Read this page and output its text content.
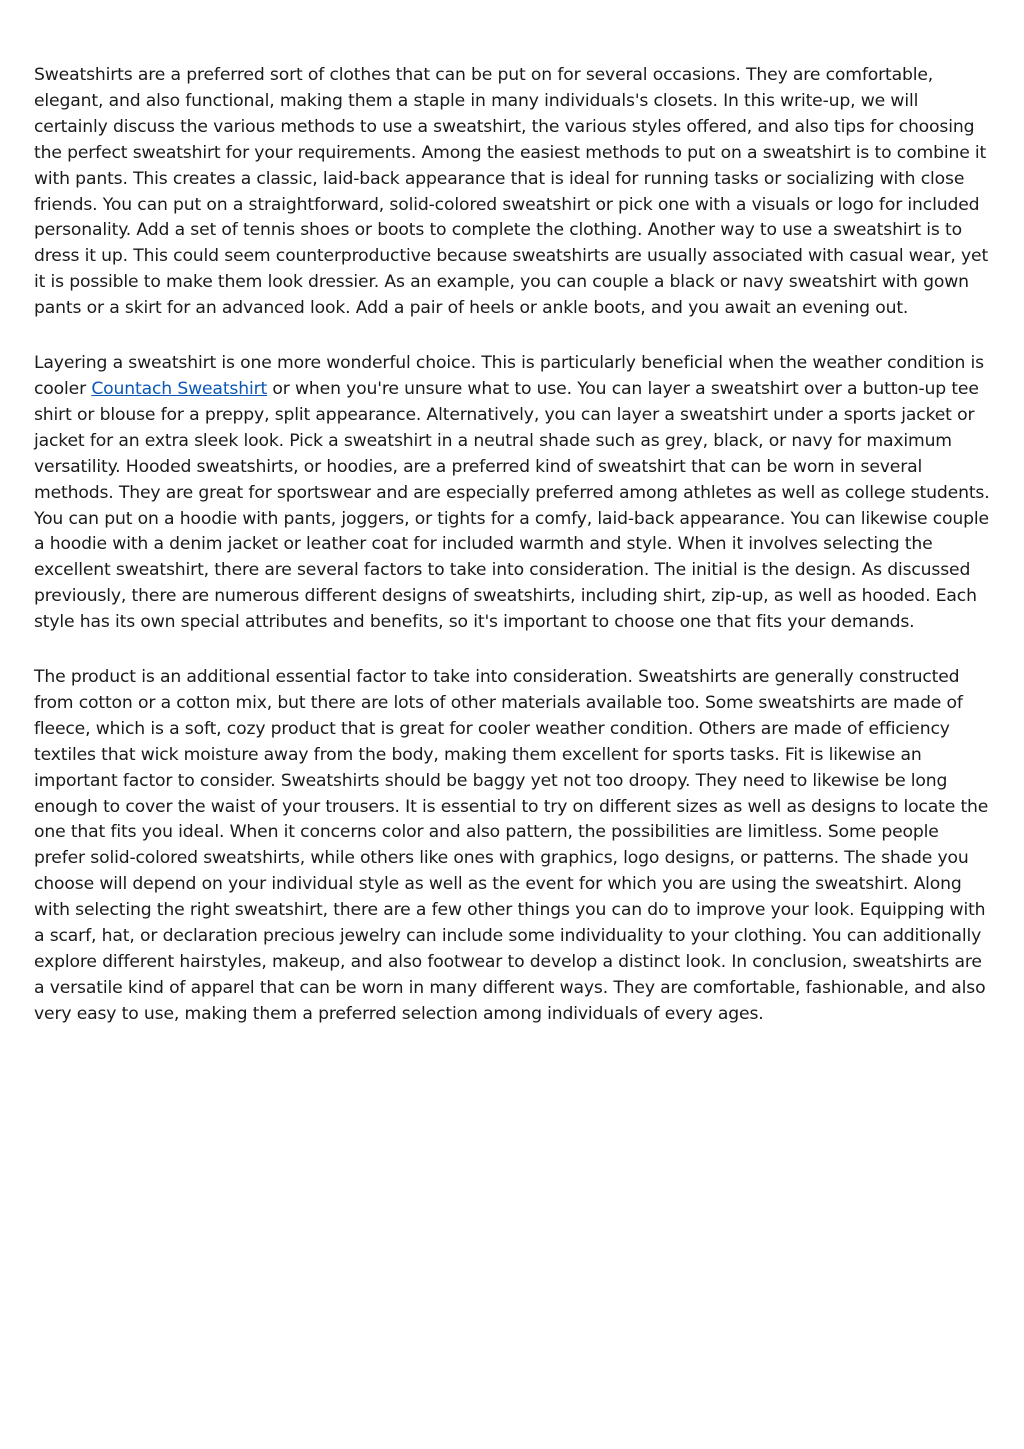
Sweatshirts are a preferred sort of clothes that can be put on for several occasions. They are comfortable, elegant, and also functional, making them a staple in many individuals's closets. In this write-up, we will certainly discuss the various methods to use a sweatshirt, the various styles offered, and also tips for choosing the perfect sweatshirt for your requirements. Among the easiest methods to put on a sweatshirt is to combine it with pants. This creates a classic, laid-back appearance that is ideal for running tasks or socializing with close friends. You can put on a straightforward, solid-colored sweatshirt or pick one with a visuals or logo for included personality. Add a set of tennis shoes or boots to complete the clothing. Another way to use a sweatshirt is to dress it up. This could seem counterproductive because sweatshirts are usually associated with casual wear, yet it is possible to make them look dressier. As an example, you can couple a black or navy sweatshirt with gown pants or a skirt for an advanced look. Add a pair of heels or ankle boots, and you await an evening out.

Layering a sweatshirt is one more wonderful choice. This is particularly beneficial when the weather condition is cooler Countach Sweatshirt or when you're unsure what to use. You can layer a sweatshirt over a button-up tee shirt or blouse for a preppy, split appearance. Alternatively, you can layer a sweatshirt under a sports jacket or jacket for an extra sleek look. Pick a sweatshirt in a neutral shade such as grey, black, or navy for maximum versatility. Hooded sweatshirts, or hoodies, are a preferred kind of sweatshirt that can be worn in several methods. They are great for sportswear and are especially preferred among athletes as well as college students. You can put on a hoodie with pants, joggers, or tights for a comfy, laid-back appearance. You can likewise couple a hoodie with a denim jacket or leather coat for included warmth and style. When it involves selecting the excellent sweatshirt, there are several factors to take into consideration. The initial is the design. As discussed previously, there are numerous different designs of sweatshirts, including shirt, zip-up, as well as hooded. Each style has its own special attributes and benefits, so it's important to choose one that fits your demands.

The product is an additional essential factor to take into consideration. Sweatshirts are generally constructed from cotton or a cotton mix, but there are lots of other materials available too. Some sweatshirts are made of fleece, which is a soft, cozy product that is great for cooler weather condition. Others are made of efficiency textiles that wick moisture away from the body, making them excellent for sports tasks. Fit is likewise an important factor to consider. Sweatshirts should be baggy yet not too droopy. They need to likewise be long enough to cover the waist of your trousers. It is essential to try on different sizes as well as designs to locate the one that fits you ideal. When it concerns color and also pattern, the possibilities are limitless. Some people prefer solid-colored sweatshirts, while others like ones with graphics, logo designs, or patterns. The shade you choose will depend on your individual style as well as the event for which you are using the sweatshirt. Along with selecting the right sweatshirt, there are a few other things you can do to improve your look. Equipping with a scarf, hat, or declaration precious jewelry can include some individuality to your clothing. You can additionally explore different hairstyles, makeup, and also footwear to develop a distinct look. In conclusion, sweatshirts are a versatile kind of apparel that can be worn in many different ways. They are comfortable, fashionable, and also very easy to use, making them a preferred selection among individuals of every ages.
